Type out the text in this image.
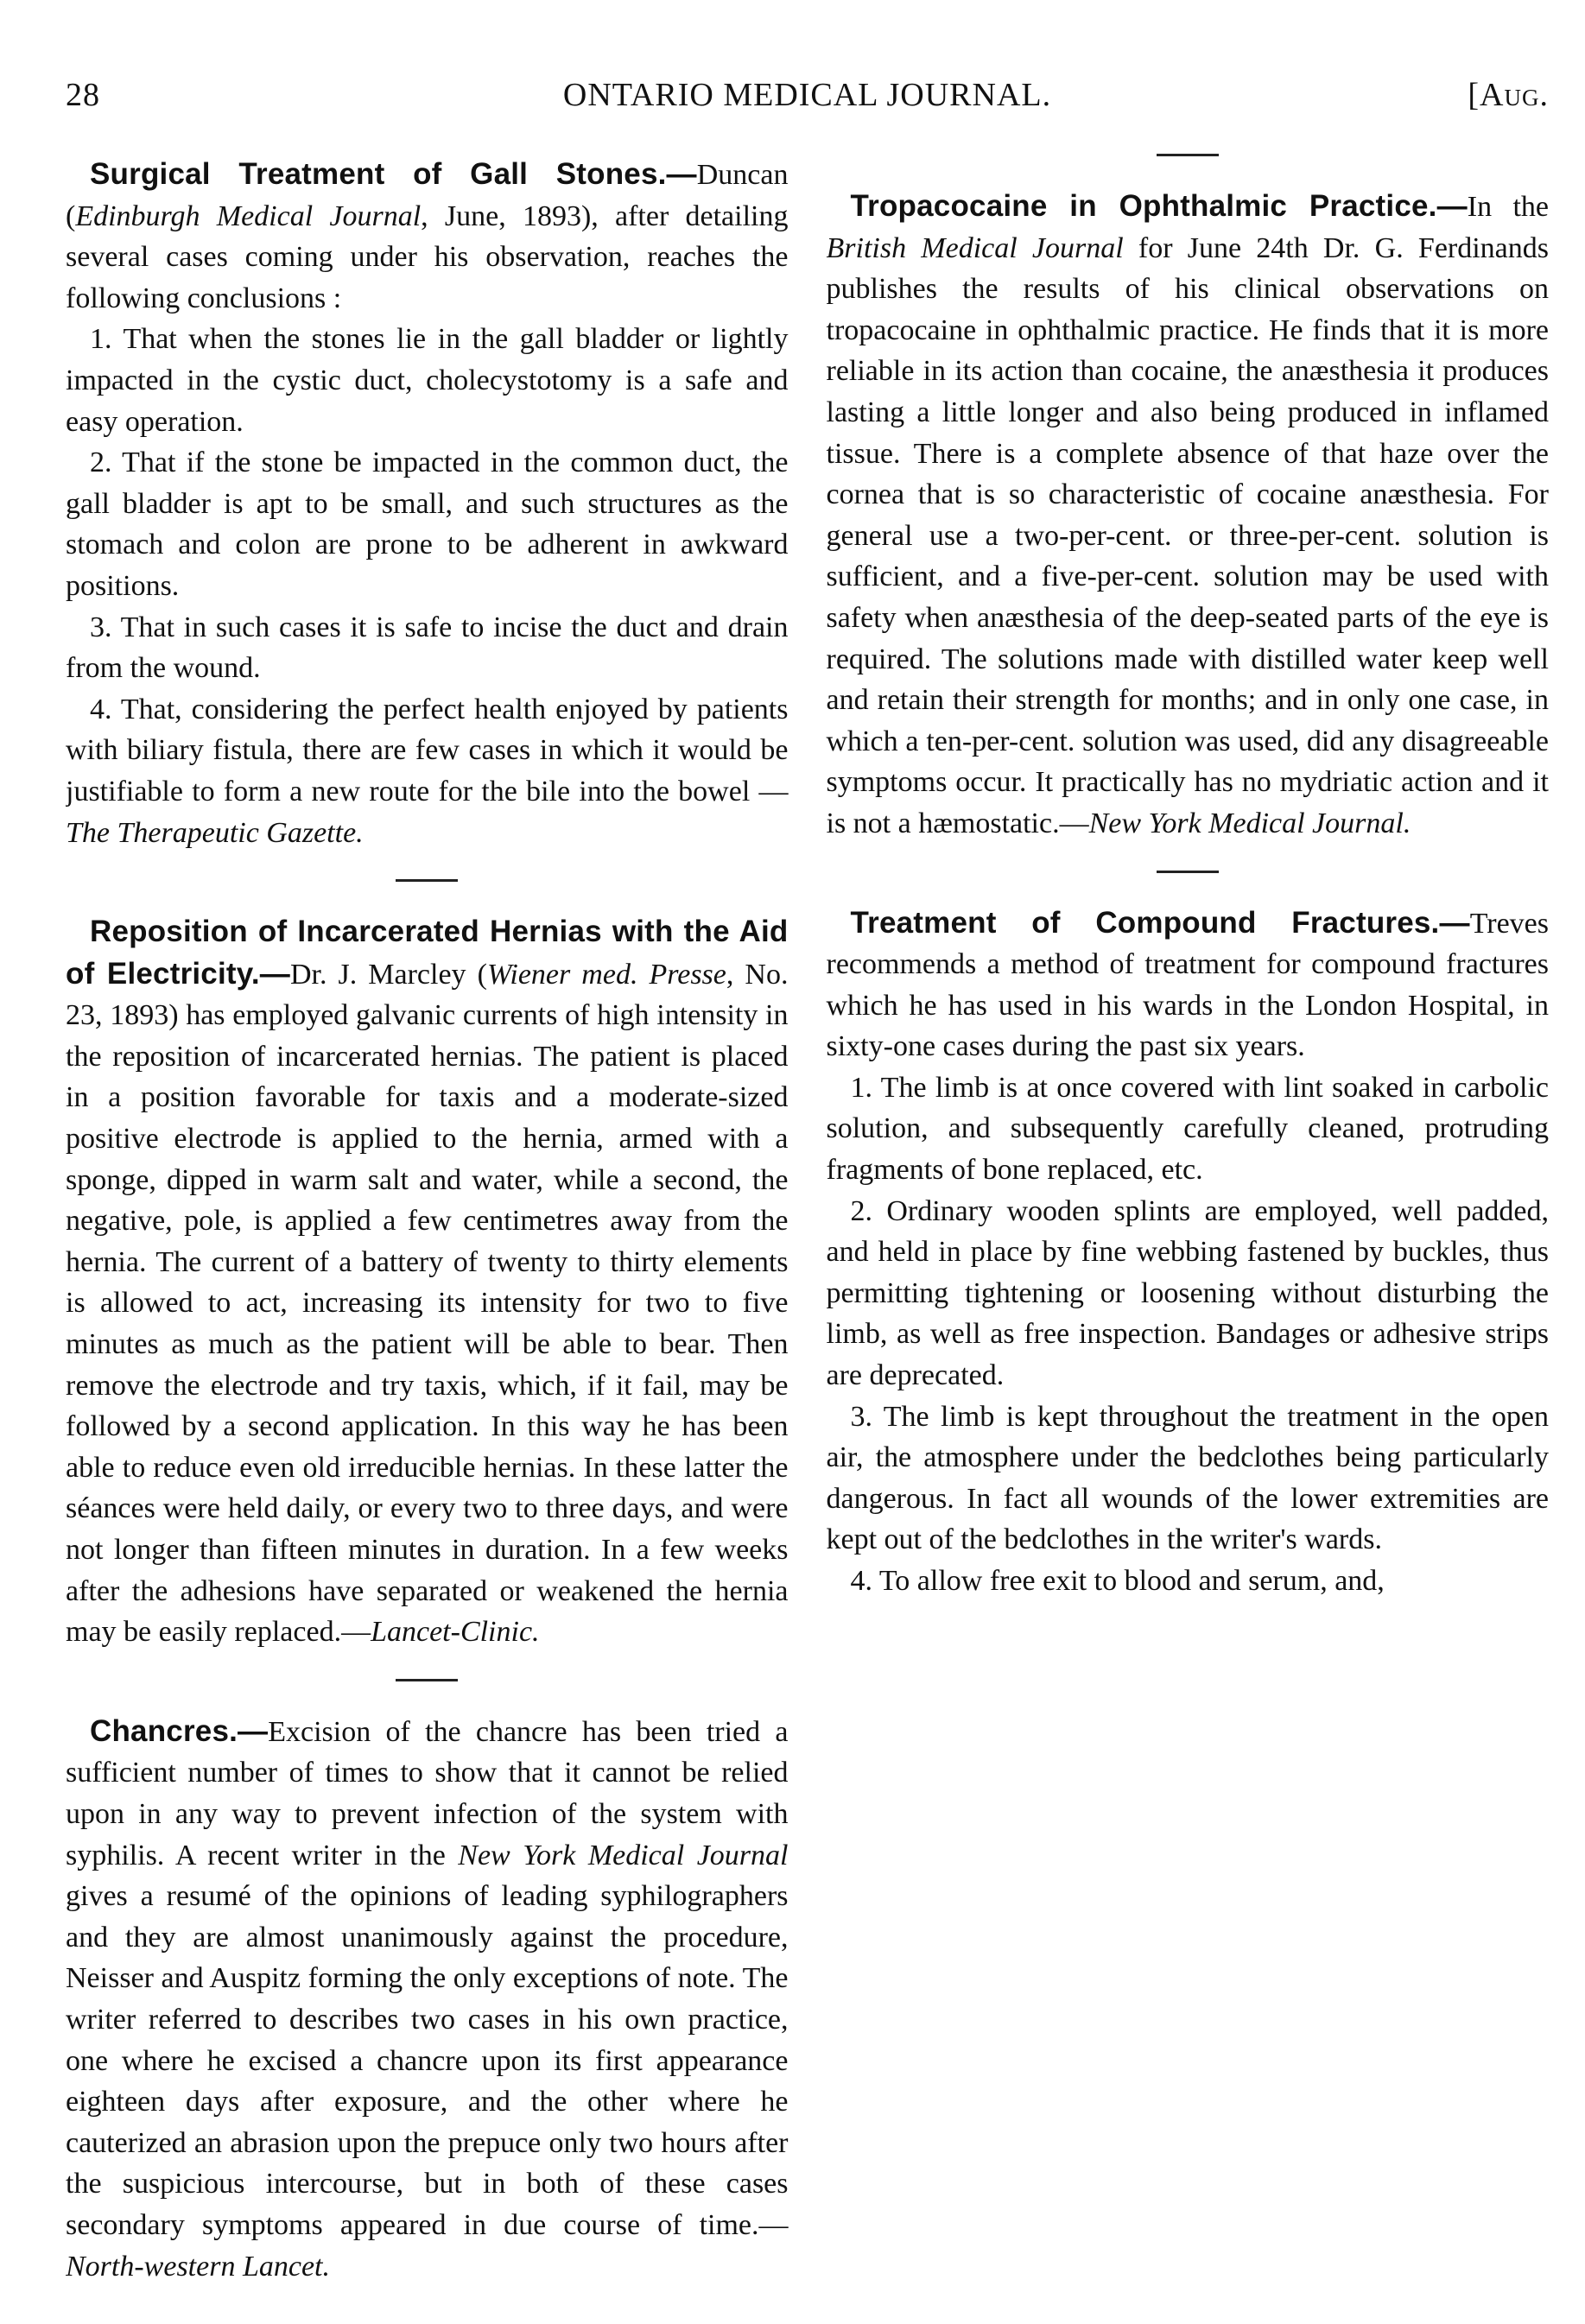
28	ONTARIO MEDICAL JOURNAL.	[Aug.

Surgical Treatment of Gall Stones.—Duncan (Edinburgh Medical Journal, June, 1893), after detailing several cases coming under his observation, reaches the following conclusions :

1. That when the stones lie in the gall bladder or lightly impacted in the cystic duct, cholecystotomy is a safe and easy operation.

2. That if the stone be impacted in the common duct, the gall bladder is apt to be small, and such structures as the stomach and colon are prone to be adherent in awkward positions.

3. That in such cases it is safe to incise the duct and drain from the wound.

4. That, considering the perfect health enjoyed by patients with biliary fistula, there are few cases in which it would be justifiable to form a new route for the bile into the bowel —The Therapeutic Gazette.

Reposition of Incarcerated Hernias with the Aid of Electricity.—Dr. J. Marcley (Wiener med. Presse, No. 23, 1893) has employed galvanic currents of high intensity in the reposition of incarcerated hernias. The patient is placed in a position favorable for taxis and a moderate-sized positive electrode is applied to the hernia, armed with a sponge, dipped in warm salt and water, while a second, the negative, pole, is applied a few centimetres away from the hernia. The current of a battery of twenty to thirty elements is allowed to act, increasing its intensity for two to five minutes as much as the patient will be able to bear. Then remove the electrode and try taxis, which, if it fail, may be followed by a second application. In this way he has been able to reduce even old irreducible hernias. In these latter the séances were held daily, or every two to three days, and were not longer than fifteen minutes in duration. In a few weeks after the adhesions have separated or weakened the hernia may be easily replaced.—Lancet-Clinic.

Chancres.—Excision of the chancre has been tried a sufficient number of times to show that it cannot be relied upon in any way to prevent infection of the system with syphilis. A recent writer in the New York Medical Journal gives a resumé of the opinions of leading syphilographers and they are almost unanimously against the procedure, Neisser and Auspitz forming the only exceptions of note. The writer referred to describes two cases in his own practice, one where he excised a chancre upon its first appearance eighteen days after exposure, and the other where he cauterized an abrasion upon the prepuce only two hours after the suspicious intercourse, but in both of these cases secondary symptoms appeared in due course of time.—North-western Lancet.

Tropacocaine in Ophthalmic Practice.—In the British Medical Journal for June 24th Dr. G. Ferdinands publishes the results of his clinical observations on tropacocaine in ophthalmic practice. He finds that it is more reliable in its action than cocaine, the anæsthesia it produces lasting a little longer and also being produced in inflamed tissue. There is a complete absence of that haze over the cornea that is so characteristic of cocaine anæsthesia. For general use a two-per-cent. or three-per-cent. solution is sufficient, and a five-per-cent. solution may be used with safety when anæsthesia of the deep-seated parts of the eye is required. The solutions made with distilled water keep well and retain their strength for months; and in only one case, in which a ten-per-cent. solution was used, did any disagreeable symptoms occur. It practically has no mydriatic action and it is not a hæmostatic.—New York Medical Journal.

Treatment of Compound Fractures.—Treves recommends a method of treatment for compound fractures which he has used in his wards in the London Hospital, in sixty-one cases during the past six years.

1. The limb is at once covered with lint soaked in carbolic solution, and subsequently carefully cleaned, protruding fragments of bone replaced, etc.

2. Ordinary wooden splints are employed, well padded, and held in place by fine webbing fastened by buckles, thus permitting tightening or loosening without disturbing the limb, as well as free inspection. Bandages or adhesive strips are deprecated.

3. The limb is kept throughout the treatment in the open air, the atmosphere under the bedclothes being particularly dangerous. In fact all wounds of the lower extremities are kept out of the bedclothes in the writer's wards.

4. To allow free exit to blood and serum, and,
